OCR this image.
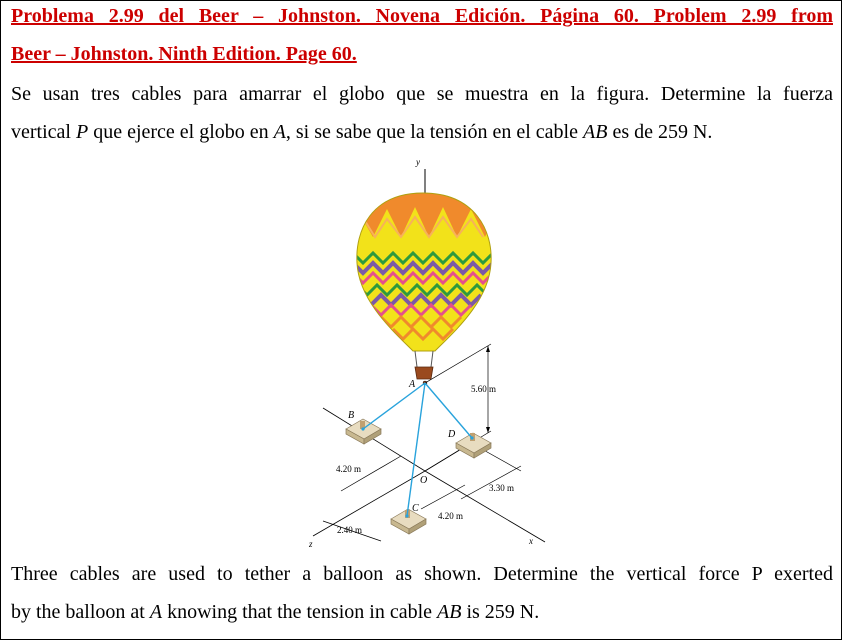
Problema 2.99 del Beer – Johnston. Novena Edición. Página 60. Problem 2.99 from
Beer – Johnston. Ninth Edition. Page 60.
Se usan tres cables para amarrar el globo que se muestra en la figura. Determine la fuerza
vertical P que ejerce el globo en A, si se sabe que la tensión en el cable AB es de 259 N.
Three cables are used to tether a balloon as shown. Determine the vertical force P exerted
by the balloon at A knowing that the tension in cable AB is 259 N.
y
A	5.60 m
4.20 m
3.30 m
4.20 m
2.40 m
O
x
z
B
D
C
